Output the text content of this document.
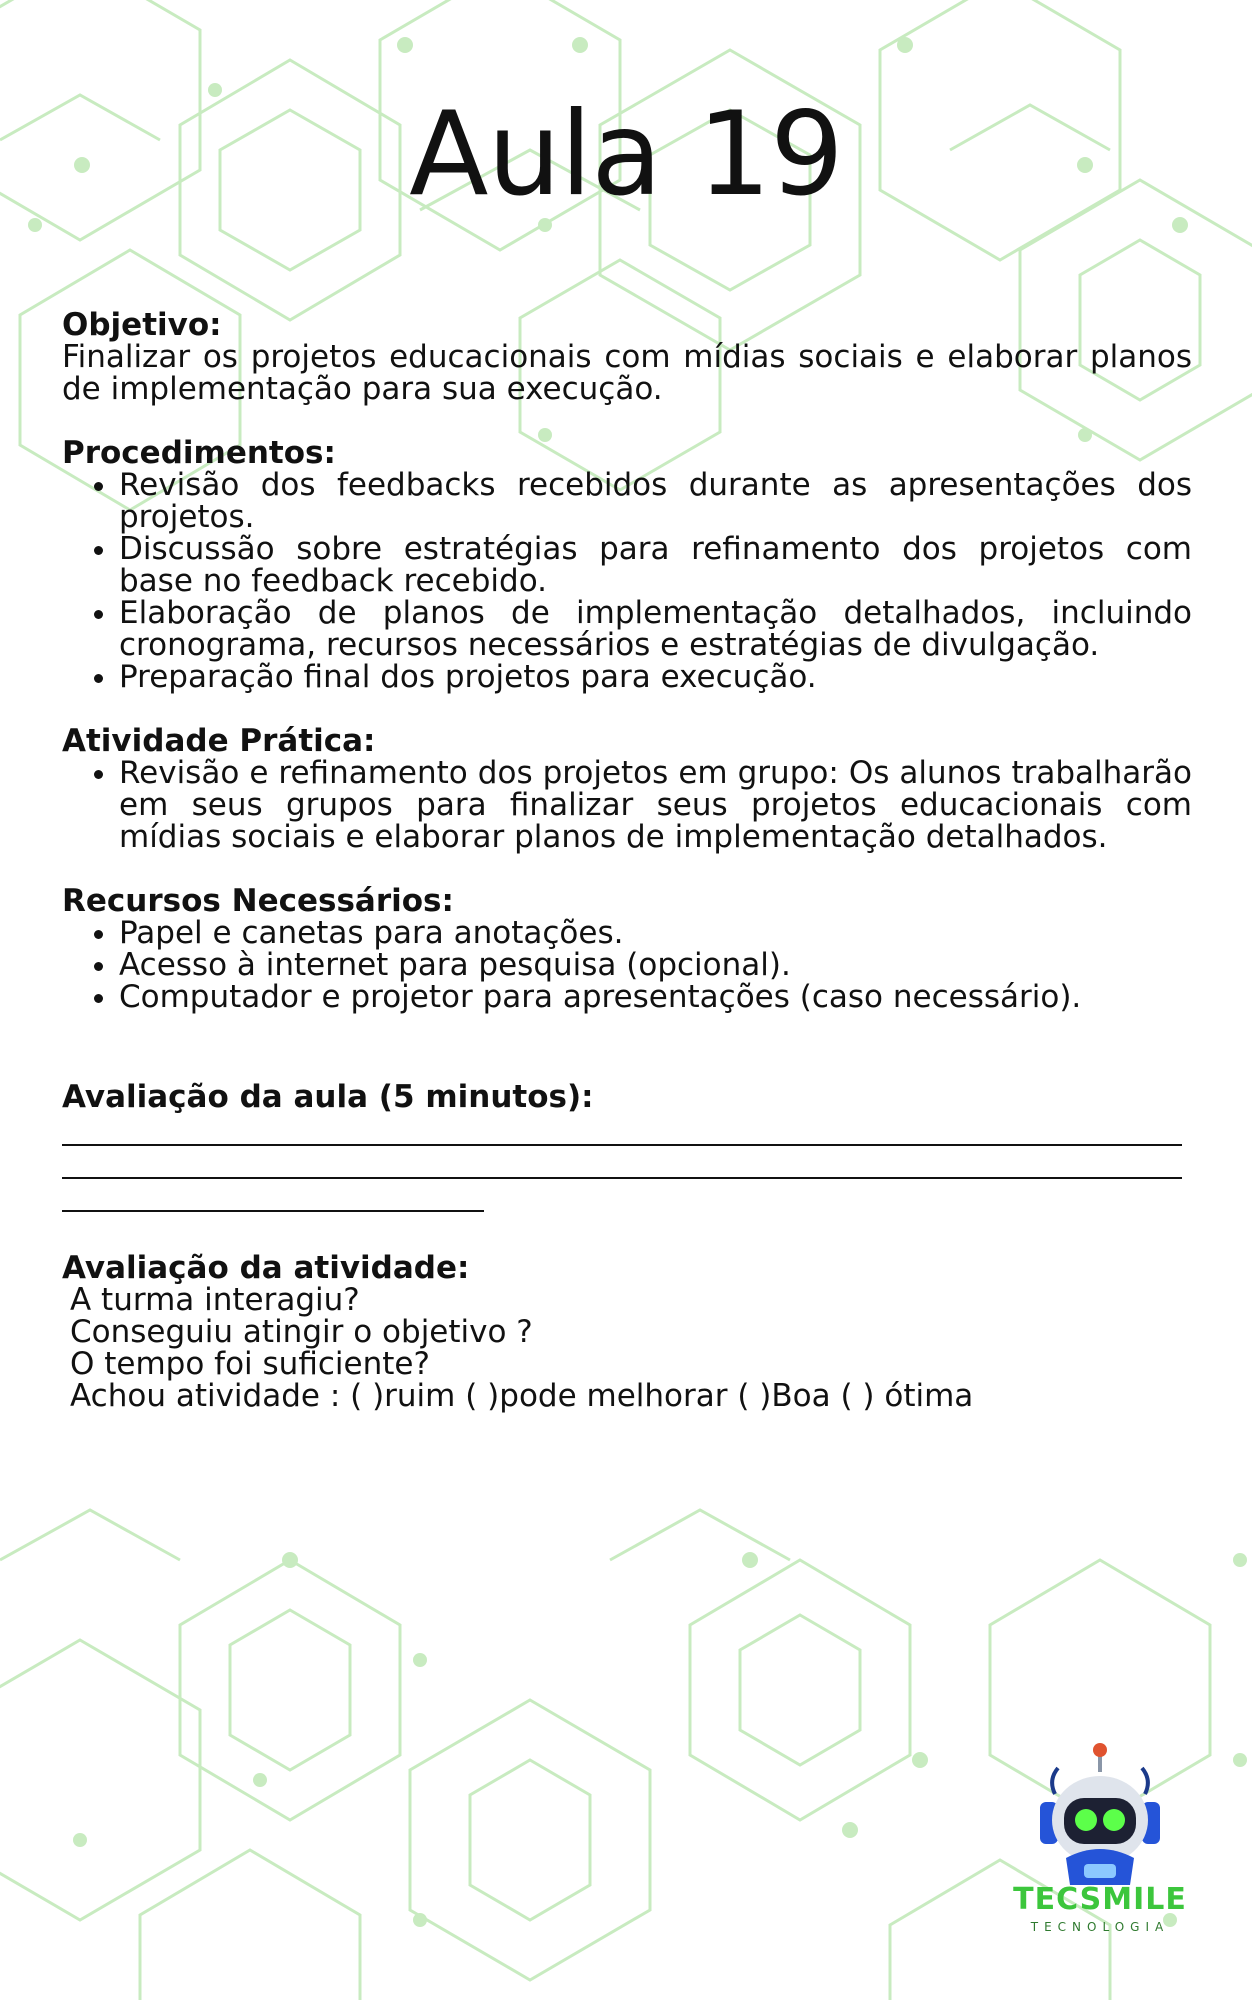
Aula 19
Objetivo:
Finalizar os projetos educacionais com mídias sociais e elaborar planos de implementação para sua execução.
Procedimentos:
• Revisão dos feedbacks recebidos durante as apresentações dos projetos.
• Discussão sobre estratégias para refinamento dos projetos com base no feedback recebido.
• Elaboração de planos de implementação detalhados, incluindo cronograma, recursos necessários e estratégias de divulgação.
• Preparação final dos projetos para execução.
Atividade Prática:
• Revisão e refinamento dos projetos em grupo: Os alunos trabalharão em seus grupos para finalizar seus projetos educacionais com mídias sociais e elaborar planos de implementação detalhados.
Recursos Necessários:
• Papel e canetas para anotações.
• Acesso à internet para pesquisa (opcional).
• Computador e projetor para apresentações (caso necessário).
Avaliação da aula (5 minutos):
Avaliação da atividade:
A turma interagiu?
Conseguiu atingir o objetivo ?
O tempo foi suficiente?
Achou atividade : ( )ruim ( )pode melhorar ( )Boa ( ) ótima
TECSMILE
TECNOLOGIA
